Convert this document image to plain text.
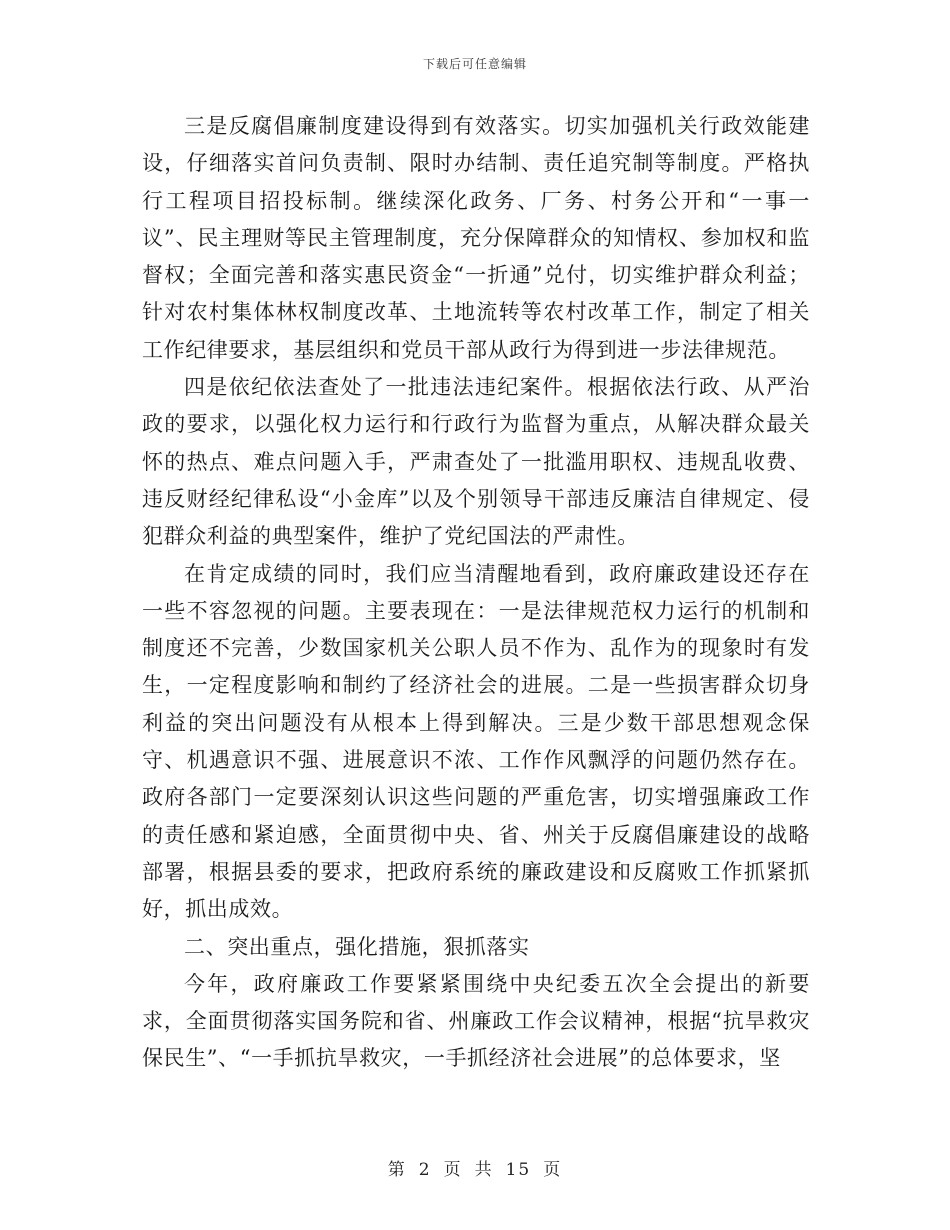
下载后可任意编辑

三是反腐倡廉制度建设得到有效落实。切实加强机关行政效能建设，仔细落实首问负责制、限时办结制、责任追究制等制度。严格执行工程项目招投标制。继续深化政务、厂务、村务公开和“一事一议”、民主理财等民主管理制度，充分保障群众的知情权、参加权和监督权；全面完善和落实惠民资金“一折通”兑付，切实维护群众利益；针对农村集体林权制度改革、土地流转等农村改革工作，制定了相关工作纪律要求，基层组织和党员干部从政行为得到进一步法律规范。

四是依纪依法查处了一批违法违纪案件。根据依法行政、从严治政的要求，以强化权力运行和行政行为监督为重点，从解决群众最关怀的热点、难点问题入手，严肃查处了一批滥用职权、违规乱收费、违反财经纪律私设“小金库”以及个别领导干部违反廉洁自律规定、侵犯群众利益的典型案件，维护了党纪国法的严肃性。

在肯定成绩的同时，我们应当清醒地看到，政府廉政建设还存在一些不容忽视的问题。主要表现在：一是法律规范权力运行的机制和制度还不完善，少数国家机关公职人员不作为、乱作为的现象时有发生，一定程度影响和制约了经济社会的进展。二是一些损害群众切身利益的突出问题没有从根本上得到解决。三是少数干部思想观念保守、机遇意识不强、进展意识不浓、工作作风飘浮的问题仍然存在。政府各部门一定要深刻认识这些问题的严重危害，切实增强廉政工作的责任感和紧迫感，全面贯彻中央、省、州关于反腐倡廉建设的战略部署，根据县委的要求，把政府系统的廉政建设和反腐败工作抓紧抓好，抓出成效。

二、突出重点，强化措施，狠抓落实

今年，政府廉政工作要紧紧围绕中央纪委五次全会提出的新要求，全面贯彻落实国务院和省、州廉政工作会议精神，根据“抗旱救灾保民生”、“一手抓抗旱救灾，一手抓经济社会进展”的总体要求，坚

第 2 页 共 15 页
